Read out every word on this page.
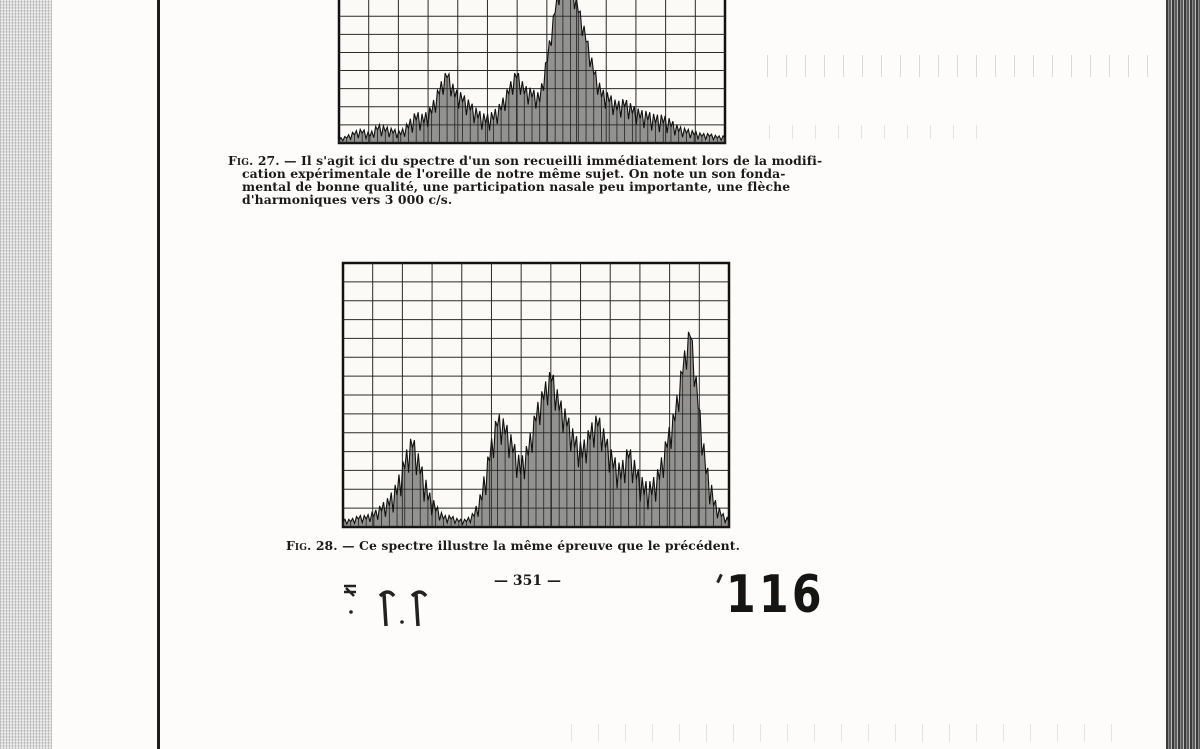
Fig. 27. — Il s'agit ici du spectre d'un son recueilli immédiatement lors de la modifi-
cation expérimentale de l'oreille de notre même sujet. On note un son fonda-
mental de bonne qualité, une participation nasale peu importante, une flèche
d'harmoniques vers 3 000 c/s.
Fig. 28. — Ce spectre illustre la même épreuve que le précédent.
— 351 —	116
